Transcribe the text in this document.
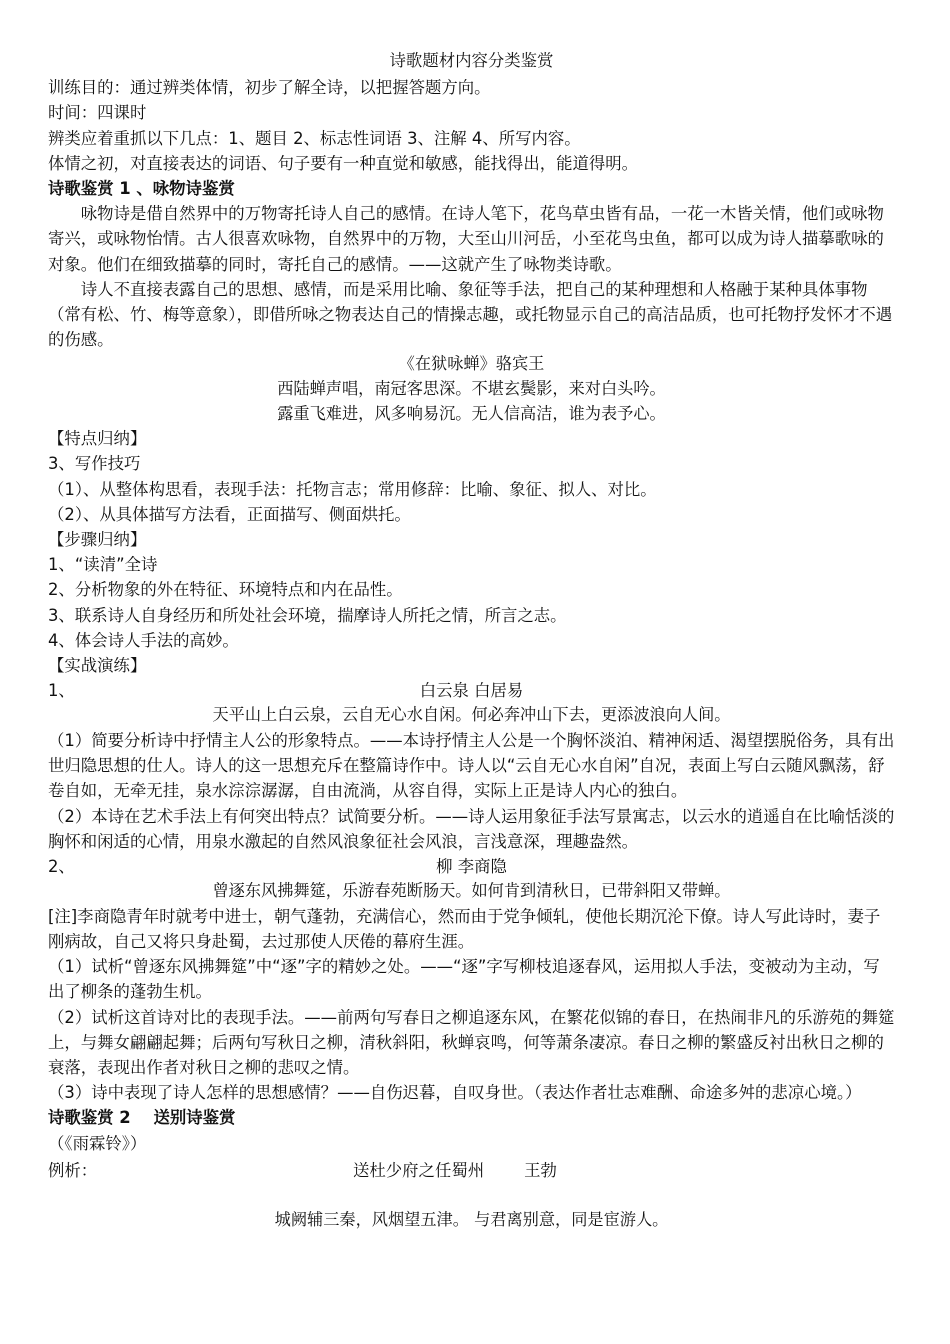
诗歌题材内容分类鉴赏

训练目的：通过辨类体情，初步了解全诗，以把握答题方向。

时间：四课时

辨类应着重抓以下几点：1、题目 2、标志性词语 3、注解 4、所写内容。

体情之初，对直接表达的词语、句子要有一种直觉和敏感，能找得出，能道得明。

诗歌鉴赏 1 、咏物诗鉴赏

咏物诗是借自然界中的万物寄托诗人自己的感情。在诗人笔下，花鸟草虫皆有品，一花一木皆关情，他们或咏物寄兴，或咏物怡情。古人很喜欢咏物，自然界中的万物，大至山川河岳，小至花鸟虫鱼，都可以成为诗人描摹歌咏的对象。他们在细致描摹的同时，寄托自己的感情。——这就产生了咏物类诗歌。

诗人不直接表露自己的思想、感情，而是采用比喻、象征等手法，把自己的某种理想和人格融于某种具体事物（常有松、竹、梅等意象），即借所咏之物表达自己的情操志趣，或托物显示自己的高洁品质，也可托物抒发怀才不遇的伤感。

《在狱咏蝉》骆宾王

西陆蝉声唱，南冠客思深。不堪玄鬓影，来对白头吟。

露重飞难进，风多响易沉。无人信高洁，谁为表予心。

【特点归纳】

3、写作技巧

（1）、从整体构思看，表现手法：托物言志；常用修辞：比喻、象征、拟人、对比。

（2）、从具体描写方法看，正面描写、侧面烘托。

【步骤归纳】

1、“读清”全诗

2、分析物象的外在特征、环境特点和内在品性。

3、联系诗人自身经历和所处社会环境，揣摩诗人所托之情，所言之志。

4、体会诗人手法的高妙。

【实战演练】

1、	白云泉 白居易

天平山上白云泉，云自无心水自闲。何必奔冲山下去，更添波浪向人间。

（1）简要分析诗中抒情主人公的形象特点。——本诗抒情主人公是一个胸怀淡泊、精神闲适、渴望摆脱俗务，具有出世归隐思想的仕人。诗人的这一思想充斥在整篇诗作中。诗人以“云自无心水自闲”自况，表面上写白云随风飘荡，舒卷自如，无牵无挂，泉水淙淙潺潺，自由流淌，从容自得，实际上正是诗人内心的独白。

（2）本诗在艺术手法上有何突出特点？试简要分析。——诗人运用象征手法写景寓志，以云水的逍遥自在比喻恬淡的胸怀和闲适的心情，用泉水激起的自然风浪象征社会风浪，言浅意深，理趣盎然。

2、	柳 李商隐

曾逐东风拂舞筵，乐游春苑断肠天。如何肯到清秋日，已带斜阳又带蝉。

[注]李商隐青年时就考中进士，朝气蓬勃，充满信心，然而由于党争倾轧，使他长期沉沦下僚。诗人写此诗时，妻子刚病故，自己又将只身赴蜀，去过那使人厌倦的幕府生涯。

（1）试析“曾逐东风拂舞筵”中“逐”字的精妙之处。——“逐”字写柳枝追逐春风，运用拟人手法，变被动为主动，写出了柳条的蓬勃生机。

（2）试析这首诗对比的表现手法。——前两句写春日之柳追逐东风，在繁花似锦的春日，在热闹非凡的乐游苑的舞筵上，与舞女翩翩起舞；后两句写秋日之柳，清秋斜阳，秋蝉哀鸣，何等萧条凄凉。春日之柳的繁盛反衬出秋日之柳的衰落，表现出作者对秋日之柳的悲叹之情。

（3）诗中表现了诗人怎样的思想感情？——自伤迟暮，自叹身世。（表达作者壮志难酬、命途多舛的悲凉心境。）

诗歌鉴赏 2    送别诗鉴赏

（《雨霖铃》）

例析：	送杜少府之任蜀州 王勃

城阙辅三秦，风烟望五津。 与君离别意，同是宦游人。
